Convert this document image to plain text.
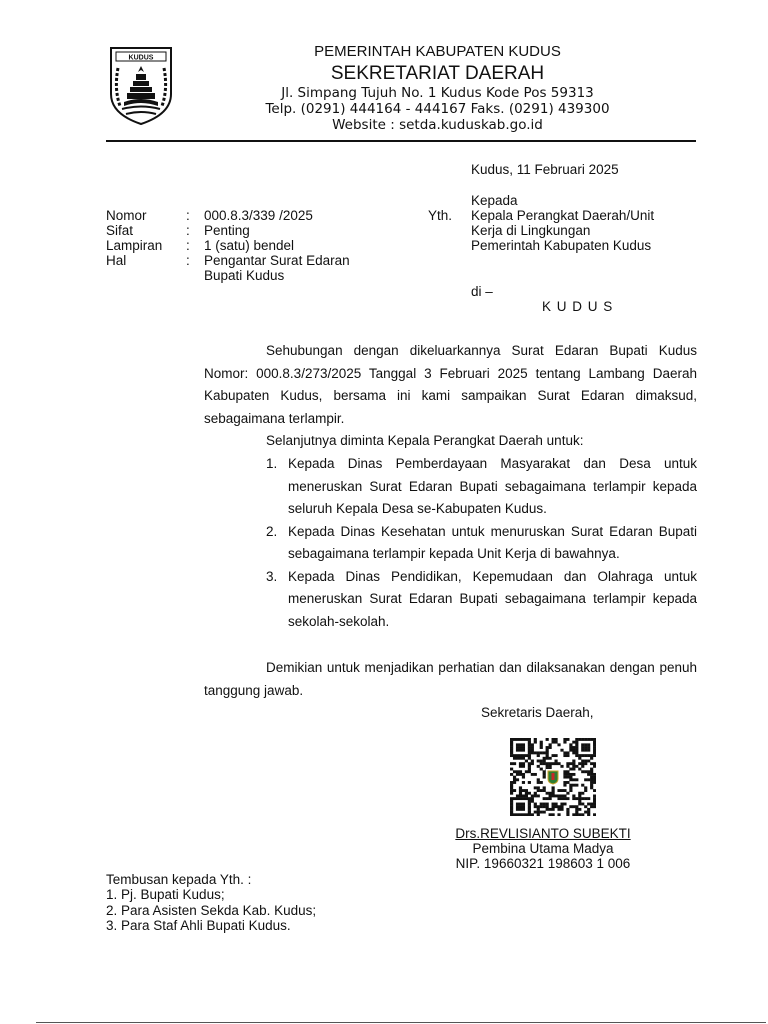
KUDUS	PEMERINTAH KABUPATEN KUDUS
SEKRETARIAT DAERAH
Jl. Simpang Tujuh No. 1 Kudus Kode Pos 59313
Telp. (0291) 444164 - 444167 Faks. (0291) 439300
Website : setda.kuduskab.go.id
Kudus, 11 Februari 2025
Kepada
Yth. Kepala Perangkat Daerah/Unit
Kerja di Lingkungan
Pemerintah Kabupaten Kudus
di –
K U D U S
Nomor	:	000.8.3/339 /2025
Sifat	:	Penting
Lampiran	:	1 (satu) bendel
Hal	:	Pengantar Surat Edaran
Bupati Kudus
Sehubungan dengan dikeluarkannya Surat Edaran Bupati Kudus Nomor: 000.8.3/273/2025 Tanggal 3 Februari 2025 tentang Lambang Daerah Kabupaten Kudus, bersama ini kami sampaikan Surat Edaran dimaksud, sebagaimana terlampir.
Selanjutnya diminta Kepala Perangkat Daerah untuk:
1. Kepada Dinas Pemberdayaan Masyarakat dan Desa untuk meneruskan Surat Edaran Bupati sebagaimana terlampir kepada seluruh Kepala Desa se-Kabupaten Kudus.
2. Kepada Dinas Kesehatan untuk menuruskan Surat Edaran Bupati sebagaimana terlampir kepada Unit Kerja di bawahnya.
3. Kepada Dinas Pendidikan, Kepemudaan dan Olahraga untuk meneruskan Surat Edaran Bupati sebagaimana terlampir kepada sekolah-sekolah.
Demikian untuk menjadikan perhatian dan dilaksanakan dengan penuh tanggung jawab.
Sekretaris Daerah,
Drs.REVLISIANTO SUBEKTI
Pembina Utama Madya
NIP. 19660321 198603 1 006
Tembusan kepada Yth. :
1. Pj. Bupati Kudus;
2. Para Asisten Sekda Kab. Kudus;
3. Para Staf Ahli Bupati Kudus.
